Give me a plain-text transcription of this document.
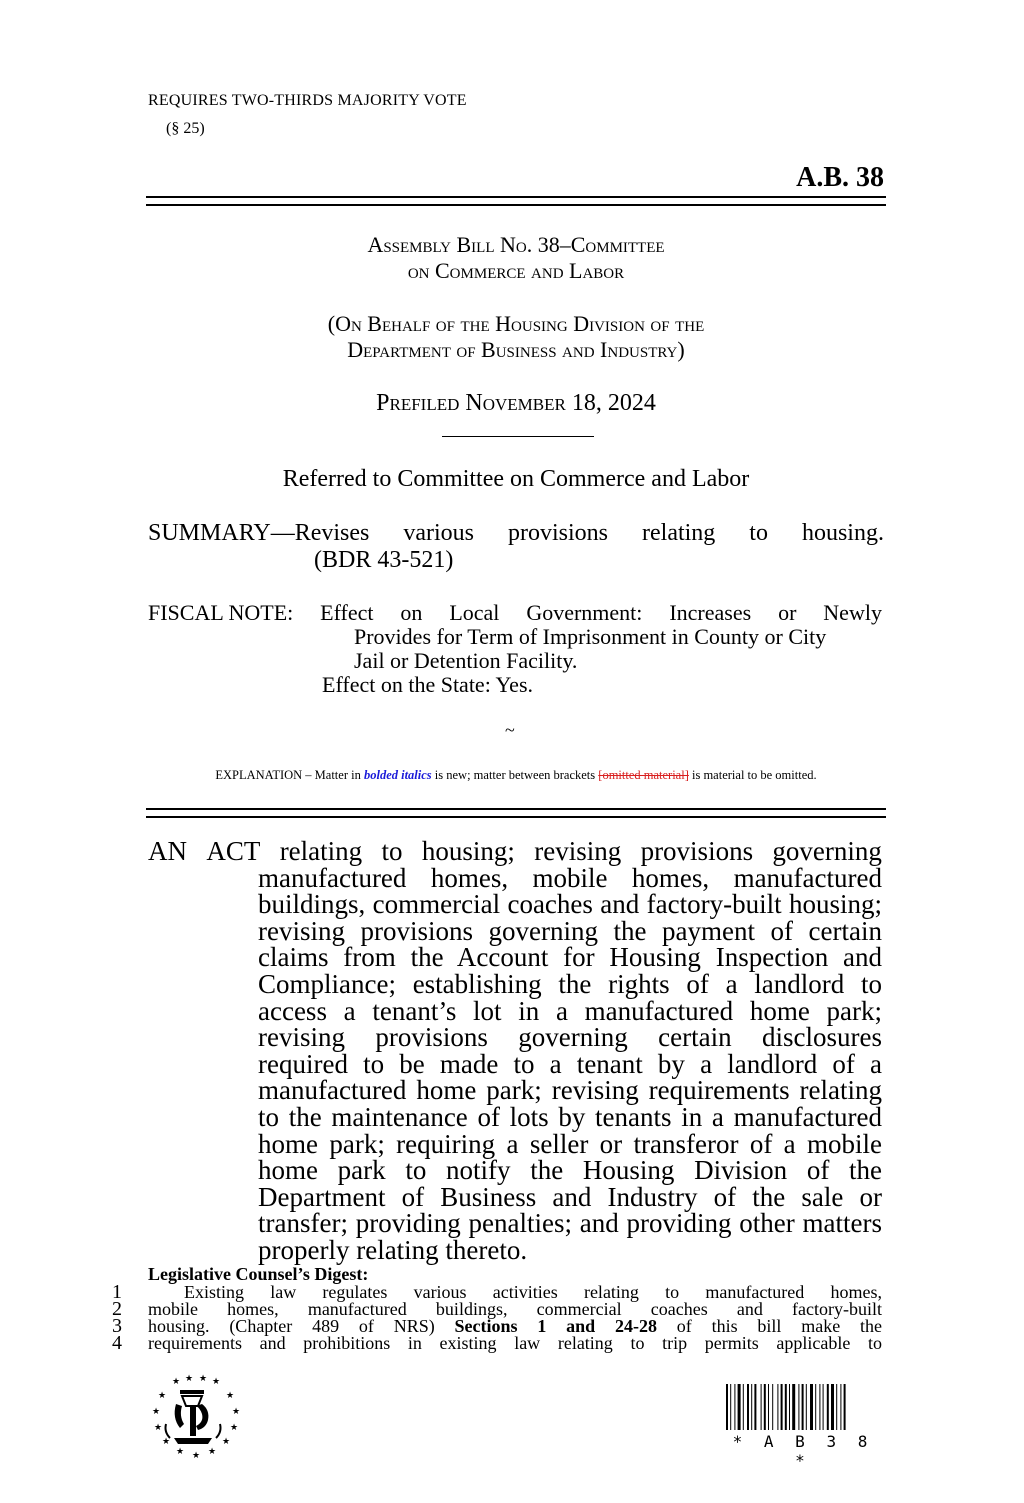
REQUIRES TWO-THIRDS MAJORITY VOTE
(§ 25)
A.B. 38
Assembly Bill No. 38–Committee
on Commerce and Labor
(On Behalf of the Housing Division of the
Department of Business and Industry)
Prefiled November 18, 2024
Referred to Committee on Commerce and Labor
SUMMARY—Revises various provisions relating to housing.
(BDR 43-521)
FISCAL NOTE: Effect on Local Government: Increases or Newly
Provides for Term of Imprisonment in County or City
Jail or Detention Facility.
Effect on the State: Yes.
~
EXPLANATION – Matter in bolded italics is new; matter between brackets [omitted material] is material to be omitted.
AN ACT relating to housing; revising provisions governing
manufactured homes, mobile homes, manufactured buildings, commercial coaches and factory-built housing; revising provisions governing the payment of certain claims from the Account for Housing Inspection and Compliance; establishing the rights of a landlord to access a tenant’s lot in a manufactured home park; revising provisions governing certain disclosures required to be made to a tenant by a landlord of a manufactured home park; revising requirements relating to the maintenance of lots by tenants in a manufactured home park; requiring a seller or transferor of a mobile home park to notify the Housing Division of the Department of Business and Industry of the sale or transfer; providing penalties; and providing other matters properly relating thereto.
Legislative Counsel’s Digest:
1
2
3
4

Existing law regulates various activities relating to manufactured homes,

mobile homes, manufactured buildings, commercial coaches and factory-built

housing. (Chapter 489 of NRS) Sections 1 and 24-28 of this bill make the

requirements and prohibitions in existing law relating to trip permits applicable to

★ ★ ★ ★
★	★
★	★
★	★
★	★
★	★
★
* A B 3 8 *
